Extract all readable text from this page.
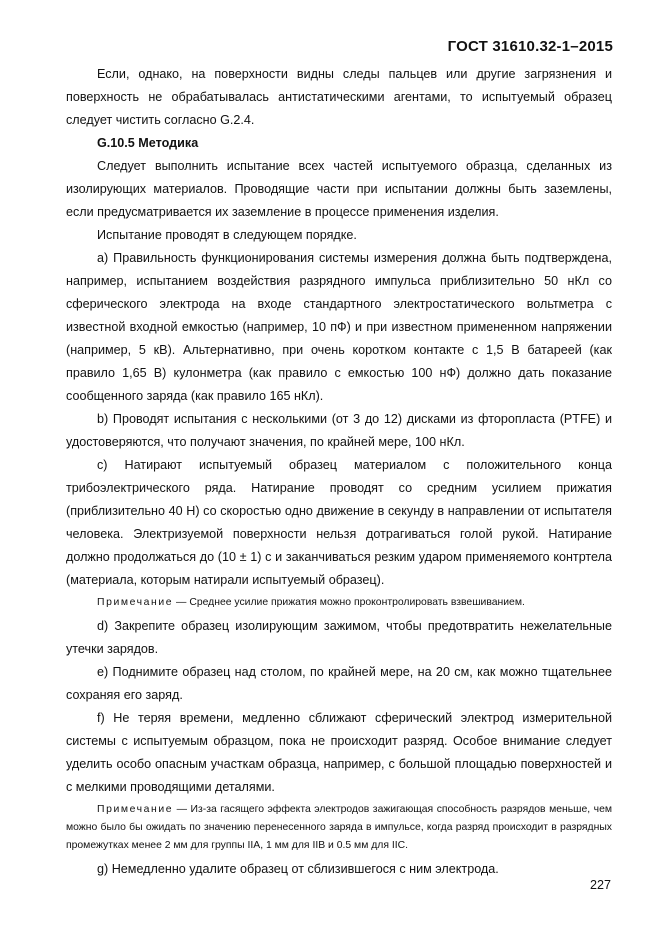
ГОСТ 31610.32-1–2015

Если, однако, на поверхности видны следы пальцев или другие загрязнения и поверхность не обрабатывалась антистатическими агентами, то испытуемый образец следует чистить согласно G.2.4.

G.10.5 Методика

Следует выполнить испытание всех частей испытуемого образца, сделанных из изолирующих материалов. Проводящие части при испытании должны быть заземлены, если предусматривается их заземление в процессе применения изделия.

Испытание проводят в следующем порядке.

а) Правильность функционирования системы измерения должна быть подтверждена, например, испытанием воздействия разрядного импульса приблизительно 50 нКл со сферического электрода на входе стандартного электростатического вольтметра с известной входной емкостью (например, 10 пФ) и при известном примененном напряжении (например, 5 кВ). Альтернативно, при очень коротком контакте с 1,5 В батареей (как правило 1,65 В) кулонметра (как правило с емкостью 100 нФ) должно дать показание сообщенного заряда (как правило 165 нКл).

b) Проводят испытания с несколькими (от 3 до 12) дисками из фторопласта (PTFE) и удостоверяются, что получают значения, по крайней мере, 100 нКл.

c) Натирают испытуемый образец материалом с положительного конца трибоэлектрического ряда. Натирание проводят со средним усилием прижатия (приблизительно 40 Н) со скоростью одно движение в секунду в направлении от испытателя человека. Электризуемой поверхности нельзя дотрагиваться голой рукой. Натирание должно продолжаться до (10 ± 1) с и заканчиваться резким ударом применяемого контртела (материала, которым натирали испытуемый образец).

Примечание — Среднее усилие прижатия можно проконтролировать взвешиванием.

d) Закрепите образец изолирующим зажимом, чтобы предотвратить нежелательные утечки зарядов.

e) Поднимите образец над столом, по крайней мере, на 20 см, как можно тщательнее сохраняя его заряд.

f) Не теряя времени, медленно сближают сферический электрод измерительной системы с испытуемым образцом, пока не происходит разряд. Особое внимание следует уделить особо опасным участкам образца, например, с большой площадью поверхностей и с мелкими проводящими деталями.

Примечание — Из-за гасящего эффекта электродов зажигающая способность разрядов меньше, чем можно было бы ожидать по значению перенесенного заряда в импульсе, когда разряд происходит в разрядных промежутках менее 2 мм для группы IIA, 1 мм для IIB и 0.5 мм для IIC.

g) Немедленно удалите образец от сблизившегося с ним электрода.

227
